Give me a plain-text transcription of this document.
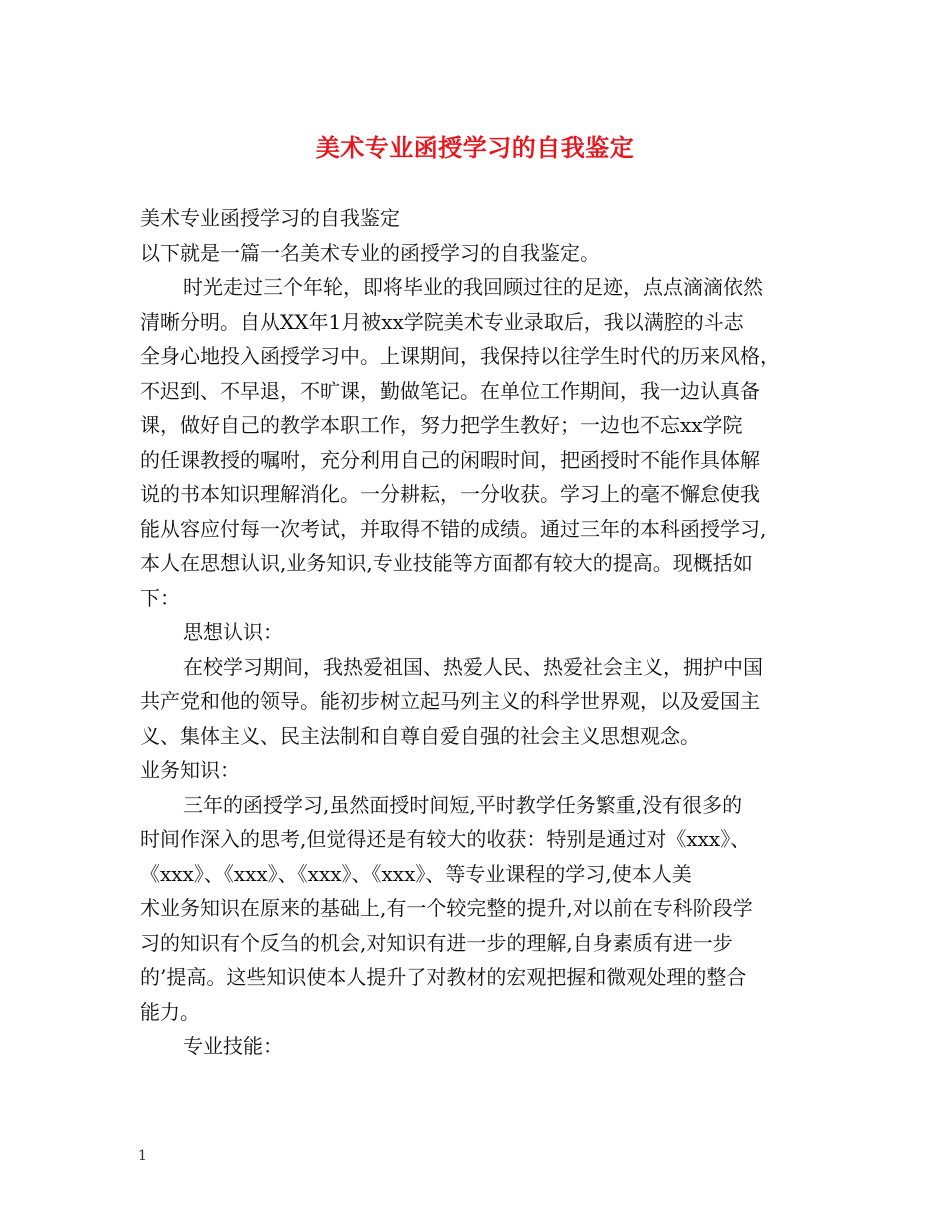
美术专业函授学习的自我鉴定
美术专业函授学习的自我鉴定
以下就是一篇一名美术专业的函授学习的自我鉴定。
时光走过三个年轮，即将毕业的我回顾过往的足迹，点点滴滴依然
清晰分明。自从XX年1月被xx学院美术专业录取后，我以满腔的斗志
全身心地投入函授学习中。上课期间，我保持以往学生时代的历来风格，
不迟到、不早退，不旷课，勤做笔记。在单位工作期间，我一边认真备
课，做好自己的教学本职工作，努力把学生教好；一边也不忘xx学院
的任课教授的嘱咐，充分利用自己的闲暇时间，把函授时不能作具体解
说的书本知识理解消化。一分耕耘，一分收获。学习上的毫不懈怠使我
能从容应付每一次考试，并取得不错的成绩。通过三年的本科函授学习,
本人在思想认识,业务知识,专业技能等方面都有较大的提高。现概括如
下：
思想认识：
在校学习期间，我热爱祖国、热爱人民、热爱社会主义，拥护中国
共产党和他的领导。能初步树立起马列主义的科学世界观，以及爱国主
义、集体主义、民主法制和自尊自爱自强的社会主义思想观念。
业务知识：
三年的函授学习,虽然面授时间短,平时教学任务繁重,没有很多的
时间作深入的思考,但觉得还是有较大的收获：特别是通过对《xxx》、
《xxx》、《xxx》、《xxx》、《xxx》、等专业课程的学习,使本人美
术业务知识在原来的基础上,有一个较完整的提升,对以前在专科阶段学
习的知识有个反刍的机会,对知识有进一步的理解,自身素质有进一步
的’提高。这些知识使本人提升了对教材的宏观把握和微观处理的整合
能力。
专业技能：
1
